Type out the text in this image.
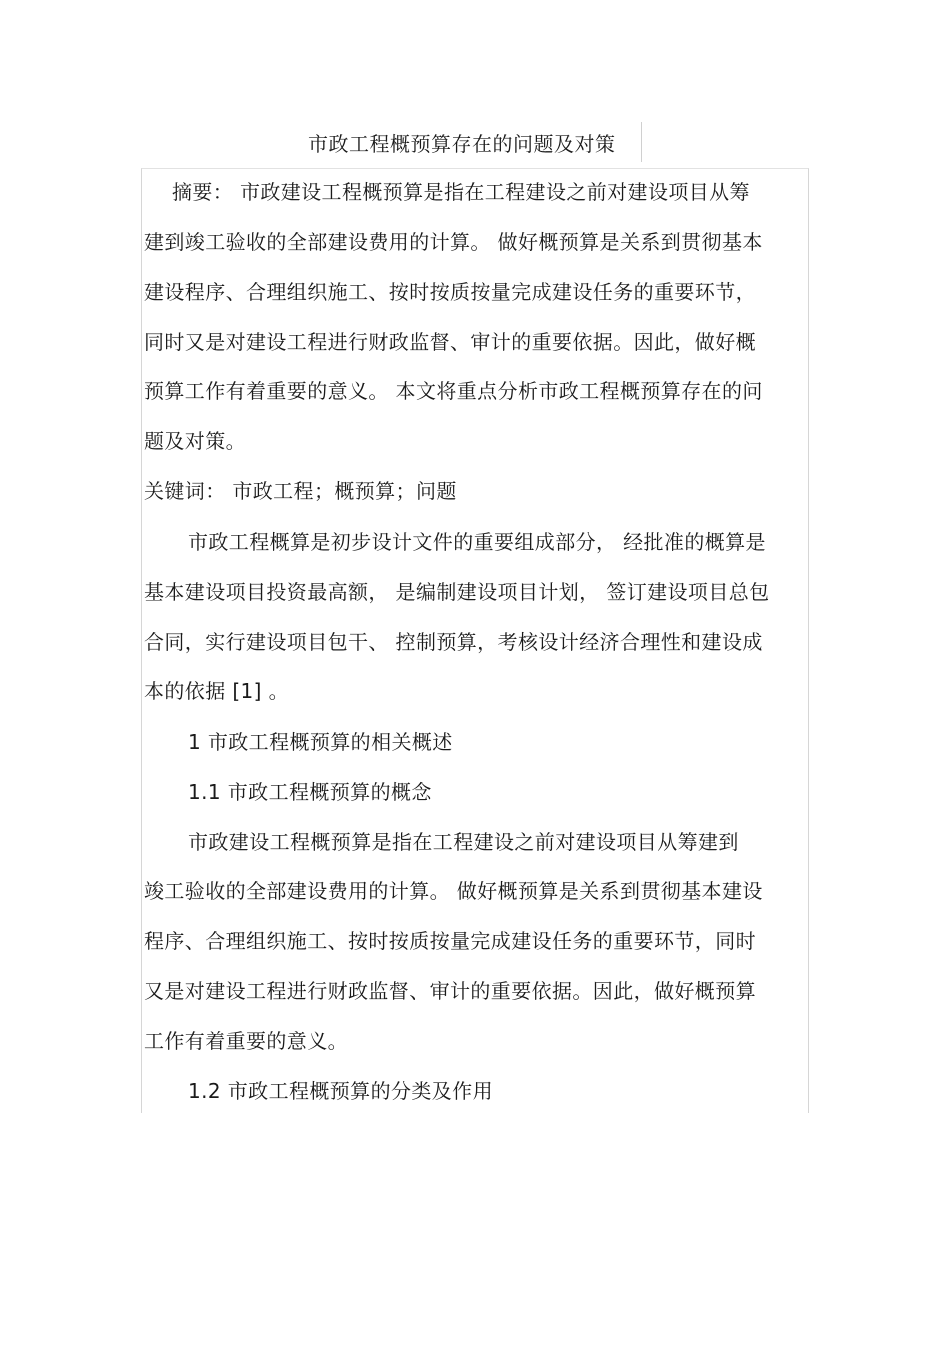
市政工程概预算存在的问题及对策
摘要： 市政建设工程概预算是指在工程建设之前对建设项目从筹
建到竣工验收的全部建设费用的计算。 做好概预算是关系到贯彻基本
建设程序、合理组织施工、按时按质按量完成建设任务的重要环节，
同时又是对建设工程进行财政监督、审计的重要依据。因此，做好概
预算工作有着重要的意义。 本文将重点分析市政工程概预算存在的问
题及对策。
关键词： 市政工程；概预算；问题
市政工程概算是初步设计文件的重要组成部分， 经批准的概算是
基本建设项目投资最高额， 是编制建设项目计划， 签订建设项目总包
合同，实行建设项目包干、 控制预算，考核设计经济合理性和建设成
本的依据 [1] 。
1 市政工程概预算的相关概述
1.1 市政工程概预算的概念
市政建设工程概预算是指在工程建设之前对建设项目从筹建到
竣工验收的全部建设费用的计算。 做好概预算是关系到贯彻基本建设
程序、合理组织施工、按时按质按量完成建设任务的重要环节，同时
又是对建设工程进行财政监督、审计的重要依据。因此，做好概预算
工作有着重要的意义。
1.2 市政工程概预算的分类及作用
